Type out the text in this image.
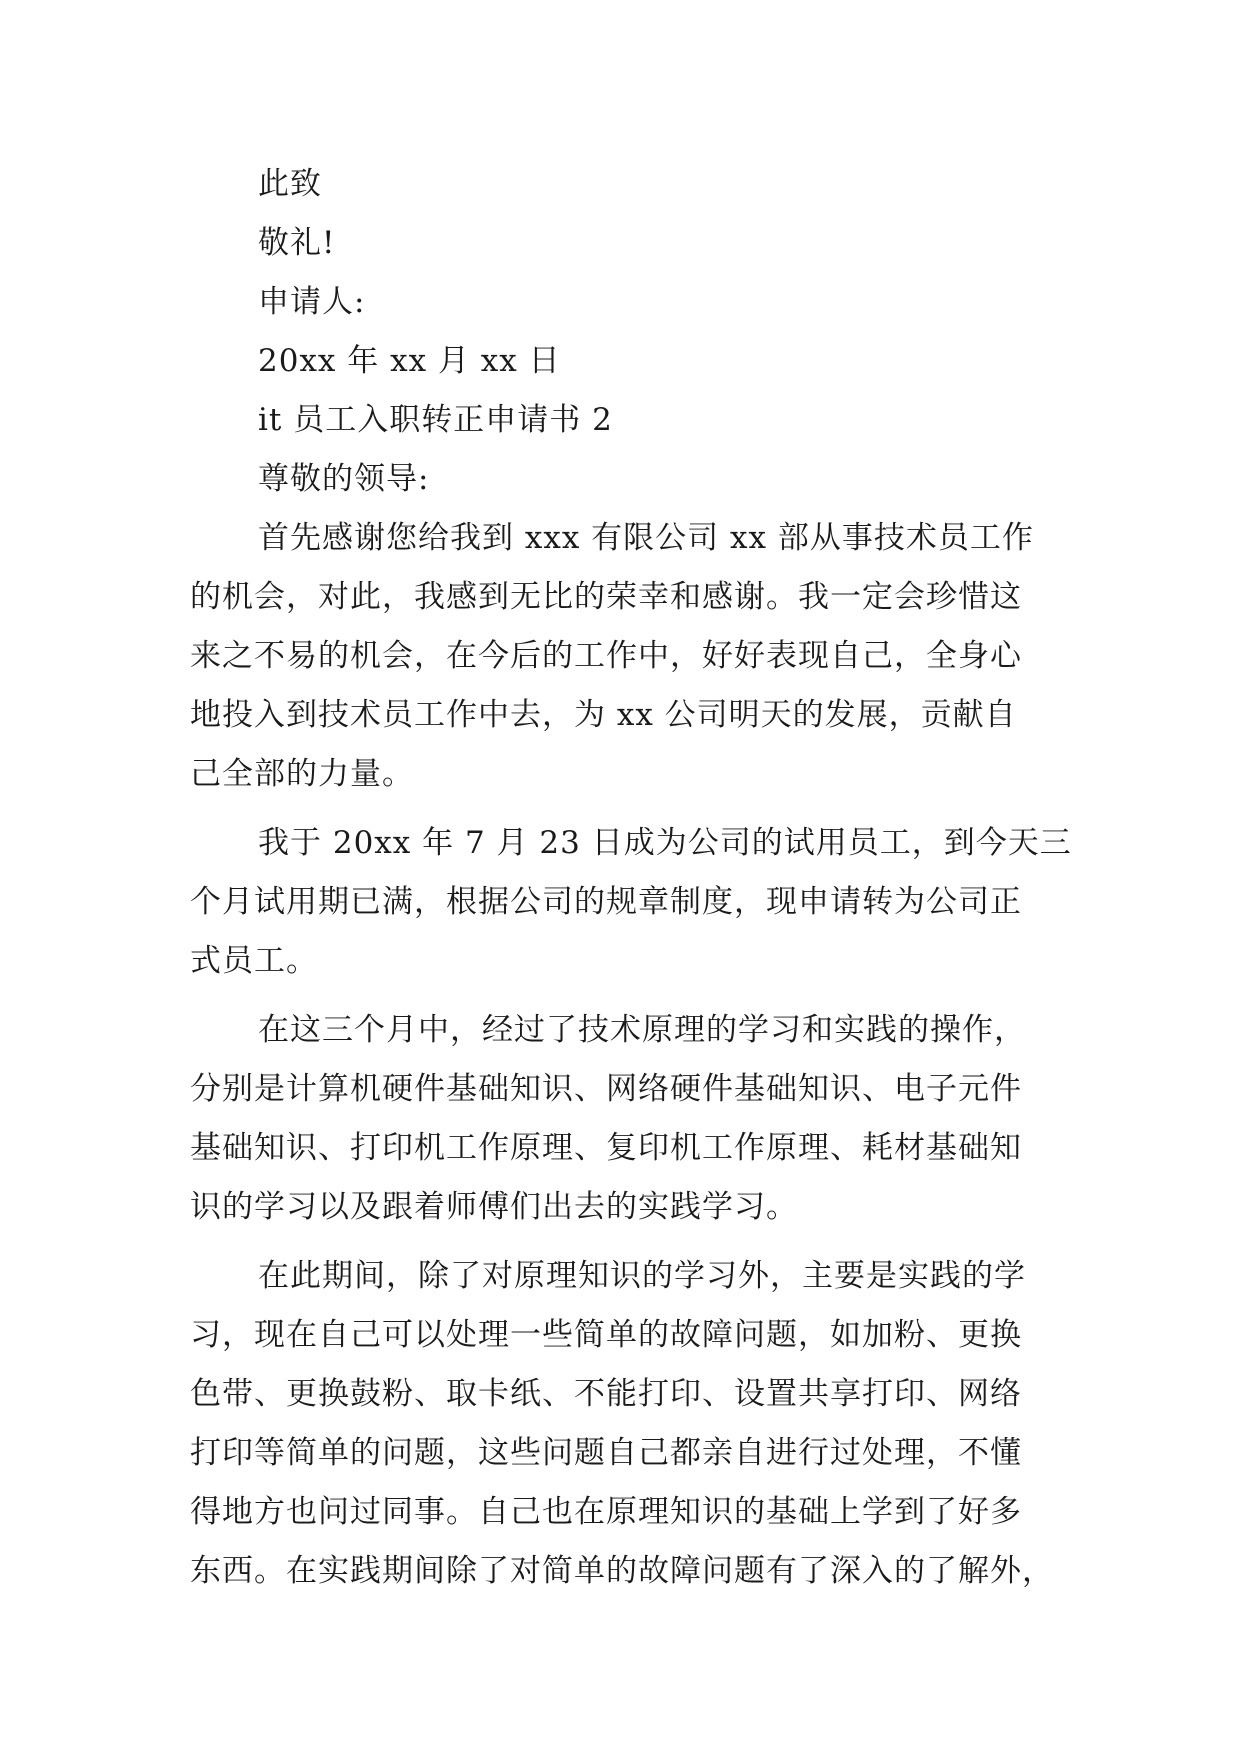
此致
敬礼!
申请人:
20xx 年 xx 月 xx 日
it 员工入职转正申请书 2
尊敬的领导:
首先感谢您给我到 xxx 有限公司 xx 部从事技术员工作
的机会，对此，我感到无比的荣幸和感谢。我一定会珍惜这
来之不易的机会，在今后的工作中，好好表现自己，全身心
地投入到技术员工作中去，为 xx 公司明天的发展，贡献自
己全部的力量。
我于 20xx 年 7 月 23 日成为公司的试用员工，到今天三
个月试用期已满，根据公司的规章制度，现申请转为公司正
式员工。
在这三个月中，经过了技术原理的学习和实践的操作，
分别是计算机硬件基础知识、网络硬件基础知识、电子元件
基础知识、打印机工作原理、复印机工作原理、耗材基础知
识的学习以及跟着师傅们出去的实践学习。
在此期间，除了对原理知识的学习外，主要是实践的学
习，现在自己可以处理一些简单的故障问题，如加粉、更换
色带、更换鼓粉、取卡纸、不能打印、设置共享打印、网络
打印等简单的问题，这些问题自己都亲自进行过处理，不懂
得地方也问过同事。自己也在原理知识的基础上学到了好多
东西。在实践期间除了对简单的故障问题有了深入的了解外，
